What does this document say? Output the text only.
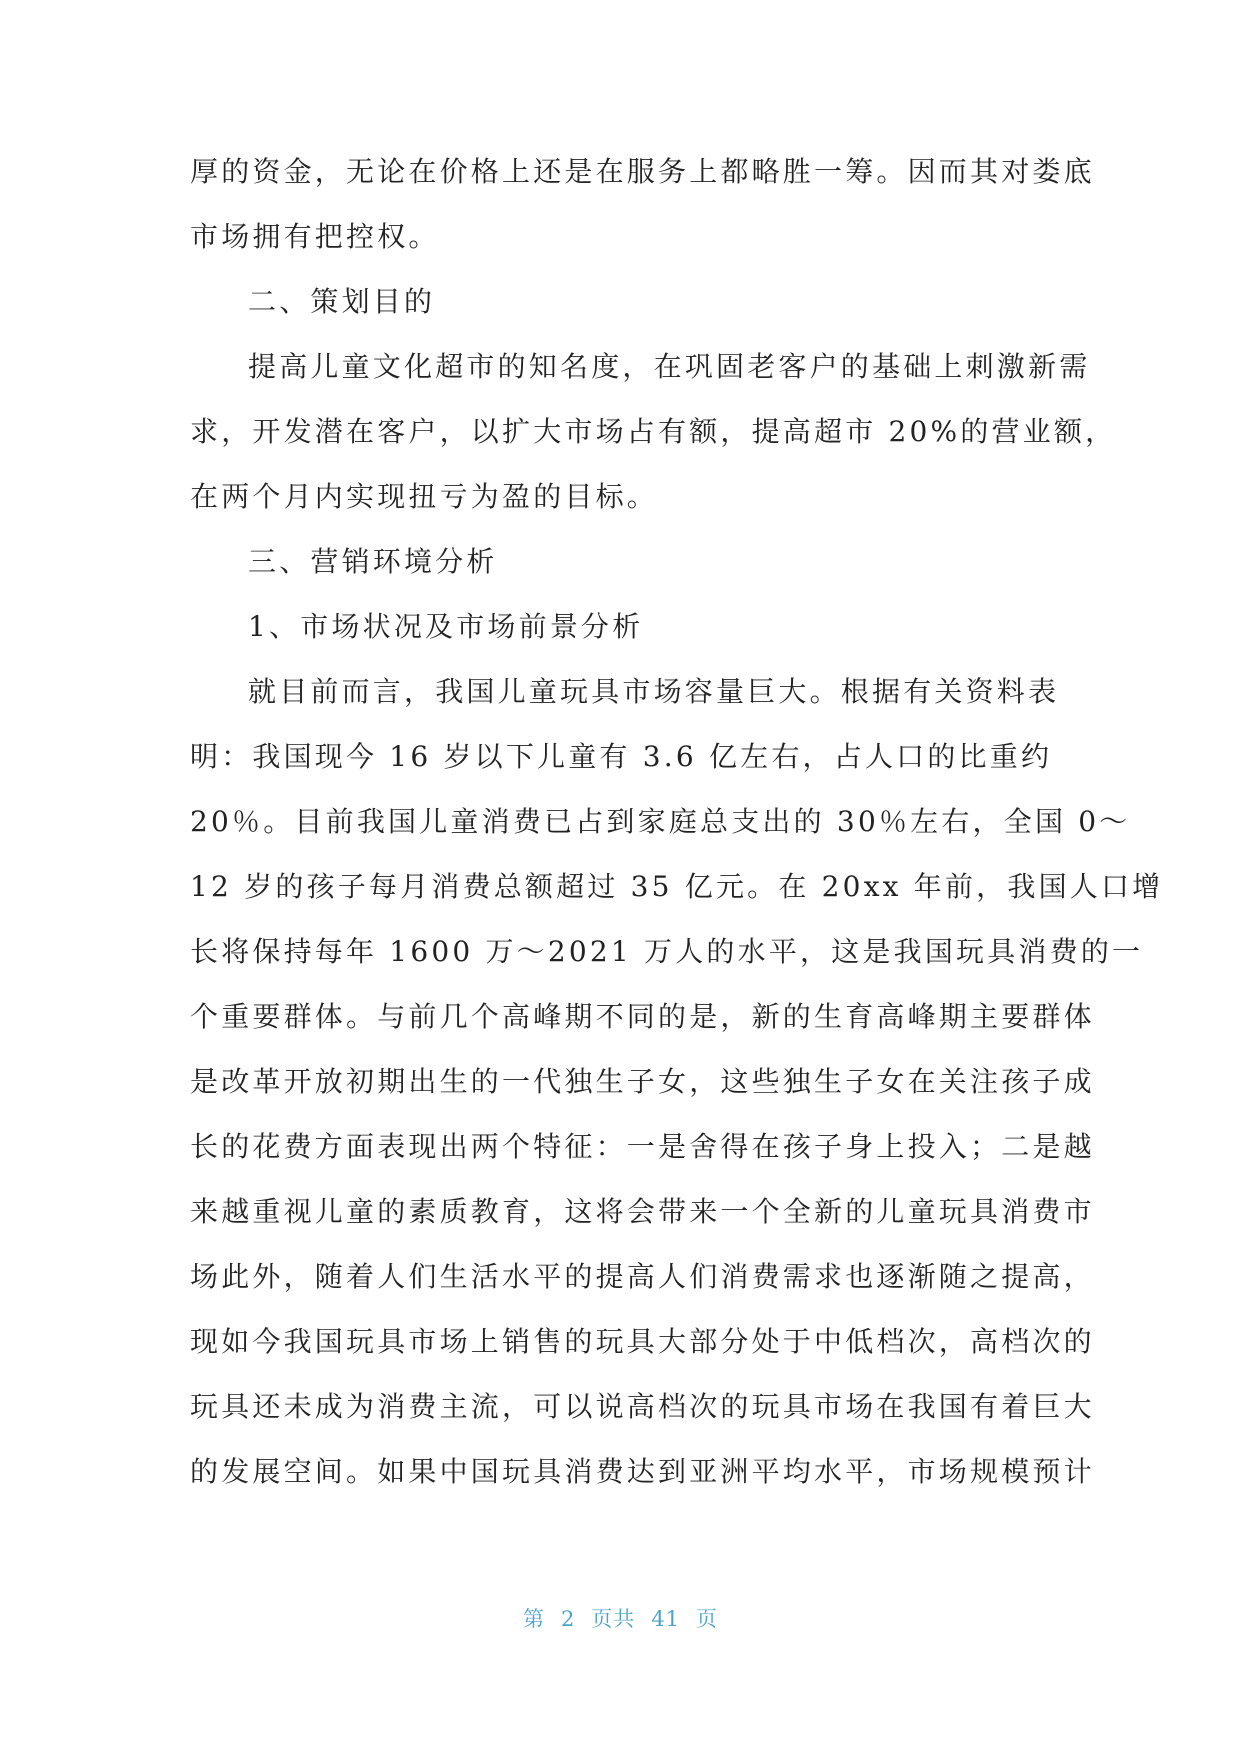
厚的资金，无论在价格上还是在服务上都略胜一筹。因而其对娄底
市场拥有把控权。
二、策划目的
提高儿童文化超市的知名度，在巩固老客户的基础上刺激新需
求，开发潜在客户，以扩大市场占有额，提高超市 20%的营业额，
在两个月内实现扭亏为盈的目标。
三、营销环境分析
1、市场状况及市场前景分析
就目前而言，我国儿童玩具市场容量巨大。根据有关资料表
明：我国现今 16 岁以下儿童有 3.6 亿左右，占人口的比重约
20％。目前我国儿童消费已占到家庭总支出的 30％左右，全国 0～
12 岁的孩子每月消费总额超过 35 亿元。在 20xx 年前，我国人口增
长将保持每年 1600 万～2021 万人的水平，这是我国玩具消费的一
个重要群体。与前几个高峰期不同的是，新的生育高峰期主要群体
是改革开放初期出生的一代独生子女，这些独生子女在关注孩子成
长的花费方面表现出两个特征：一是舍得在孩子身上投入；二是越
来越重视儿童的素质教育，这将会带来一个全新的儿童玩具消费市
场此外，随着人们生活水平的提高人们消费需求也逐渐随之提高，
现如今我国玩具市场上销售的玩具大部分处于中低档次，高档次的
玩具还未成为消费主流，可以说高档次的玩具市场在我国有着巨大
的发展空间。如果中国玩具消费达到亚洲平均水平，市场规模预计
第 2 页共 41 页
